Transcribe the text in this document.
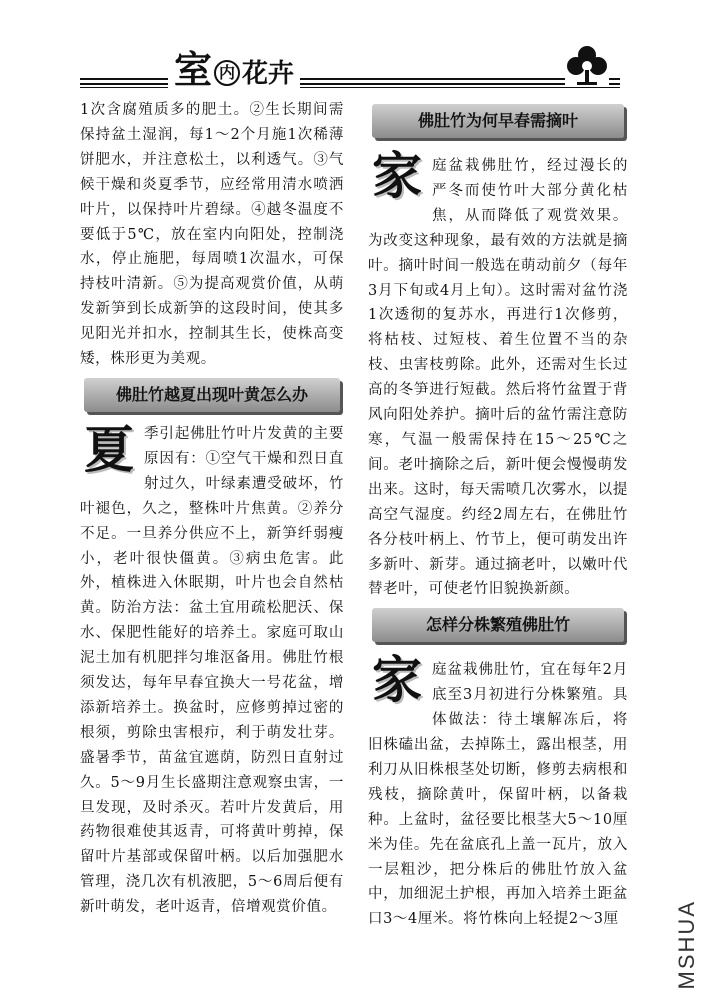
室 内 花卉

1次含腐殖质多的肥土。②生长期间需保持盆土湿润，每1～2个月施1次稀薄饼肥水，并注意松土，以利透气。③气候干燥和炎夏季节，应经常用清水喷洒叶片，以保持叶片碧绿。④越冬温度不要低于5℃，放在室内向阳处，控制浇水，停止施肥，每周喷1次温水，可保持枝叶清新。⑤为提高观赏价值，从萌发新笋到长成新笋的这段时间，使其多见阳光并扣水，控制其生长，使株高变矮，株形更为美观。

佛肚竹越夏出现叶黄怎么办
夏 季引起佛肚竹叶片发黄的主要原因有：①空气干燥和烈日直射过久，叶绿素遭受破坏，竹叶褪色，久之，整株叶片焦黄。②养分不足。一旦养分供应不上，新笋纤弱瘦小，老叶很快僵黄。③病虫危害。此外，植株进入休眠期，叶片也会自然枯黄。防治方法：盆土宜用疏松肥沃、保水、保肥性能好的培养土。家庭可取山泥土加有机肥拌匀堆沤备用。佛肚竹根须发达，每年早春宜换大一号花盆，增添新培养土。换盆时，应修剪掉过密的根须，剪除虫害根疖，利于萌发壮芽。盛暑季节，苗盆宜遮荫，防烈日直射过久。5～9月生长盛期注意观察虫害，一旦发现，及时杀灭。若叶片发黄后，用药物很难使其返青，可将黄叶剪掉，保留叶片基部或保留叶柄。以后加强肥水管理，浇几次有机液肥，5～6周后便有新叶萌发，老叶返青，倍增观赏价值。

佛肚竹为何早春需摘叶
家 庭盆栽佛肚竹，经过漫长的严冬而使竹叶大部分黄化枯焦，从而降低了观赏效果。为改变这种现象，最有效的方法就是摘叶。摘叶时间一般选在萌动前夕（每年3月下旬或4月上旬）。这时需对盆竹浇1次透彻的复苏水，再进行1次修剪，将枯枝、过短枝、着生位置不当的杂枝、虫害枝剪除。此外，还需对生长过高的冬笋进行短截。然后将竹盆置于背风向阳处养护。摘叶后的盆竹需注意防寒，气温一般需保持在15～25℃之间。老叶摘除之后，新叶便会慢慢萌发出来。这时，每天需喷几次雾水，以提高空气湿度。约经2周左右，在佛肚竹各分枝叶柄上、竹节上，便可萌发出许多新叶、新芽。通过摘老叶，以嫩叶代替老叶，可使老竹旧貌换新颜。

怎样分株繁殖佛肚竹
家 庭盆栽佛肚竹，宜在每年2月底至3月初进行分株繁殖。具体做法：待土壤解冻后，将旧株磕出盆，去掉陈土，露出根茎，用利刀从旧株根茎处切断，修剪去病根和残枝，摘除黄叶，保留叶柄，以备栽种。上盆时，盆径要比根茎大5～10厘米为佳。先在盆底孔上盖一瓦片，放入一层粗沙，把分株后的佛肚竹放入盆中，加细泥土护根，再加入培养土距盆口3～4厘米。将竹株向上轻提2～3厘	MSHUA
